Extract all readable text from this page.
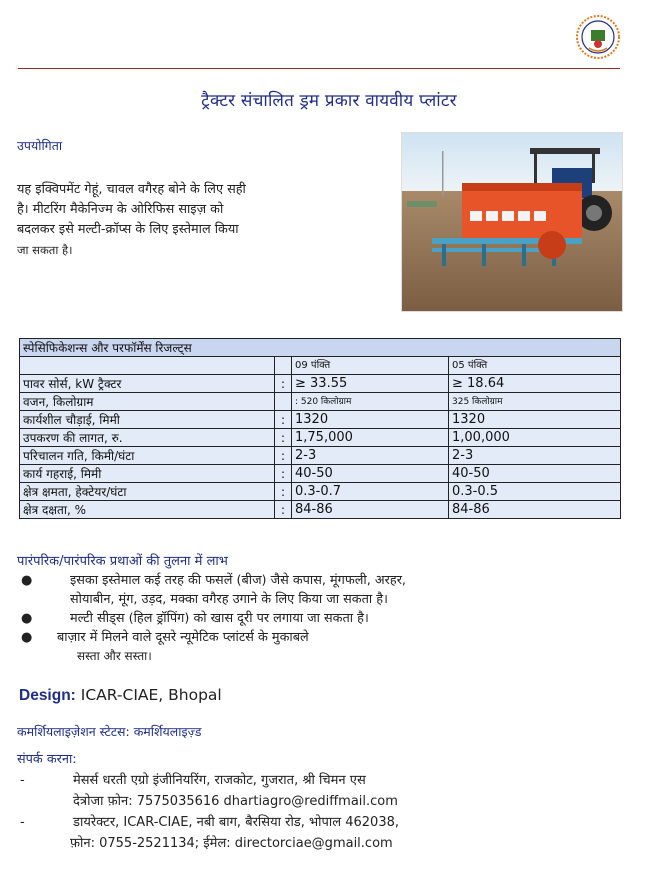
ट्रैक्टर संचालित ड्रम प्रकार वायवीय प्लांटर
उपयोगिता
यह इक्विपमेंट गेहूं, चावल वगैरह बोने के लिए सही
है। मीटरिंग मैकेनिज्म के ओरिफिस साइज़ को
बदलकर इसे मल्टी-क्रॉप्स के लिए इस्तेमाल किया
जा सकता है।
स्पेसिफिकेशन्स और परफॉर्मेंस रिजल्ट्स			
		09 पंक्ति	05 पंक्ति
पावर सोर्स, kW ट्रैक्टर	:	≥ 33.55	≥ 18.64
वजन, किलोग्राम		: 520 किलोग्राम	325 किलोग्राम
कार्यशील चौड़ाई, मिमी	:	1320	1320
उपकरण की लागत, रु.	:	1,75,000	1,00,000
परिचालन गति, किमी/घंटा	:	2-3	2-3
कार्य गहराई, मिमी	:	40-50	40-50
क्षेत्र क्षमता, हेक्टेयर/घंटा	:	0.3-0.7	0.3-0.5
क्षेत्र दक्षता, %	:	84-86	84-86
पारंपरिक/पारंपरिक प्रथाओं की तुलना में लाभ
●	इसका इस्तेमाल कई तरह की फसलें (बीज) जैसे कपास, मूंगफली, अरहर,
सोयाबीन, मूंग, उड़द, मक्का वगैरह उगाने के लिए किया जा सकता है।
●	मल्टी सीड्स (हिल ड्रॉपिंग) को खास दूरी पर लगाया जा सकता है।
● बाज़ार में मिलने वाले दूसरे न्यूमेटिक प्लांटर्स के मुकाबले
सस्ता और सस्ता।
Design: ICAR-CIAE, Bhopal
कमर्शियलाइज़ेशन स्टेटस: कमर्शियलाइज़्ड
संपर्क करना:
-	मेसर्स धरती एग्रो इंजीनियरिंग, राजकोट, गुजरात, श्री चिमन एस
देत्रोजा फ़ोन: 7575035616 dhartiagro@rediffmail.com
-	डायरेक्टर, ICAR-CIAE, नबी बाग, बैरसिया रोड, भोपाल 462038,
फ़ोन: 0755-2521134; ईमेल: directorciae@gmail.com
